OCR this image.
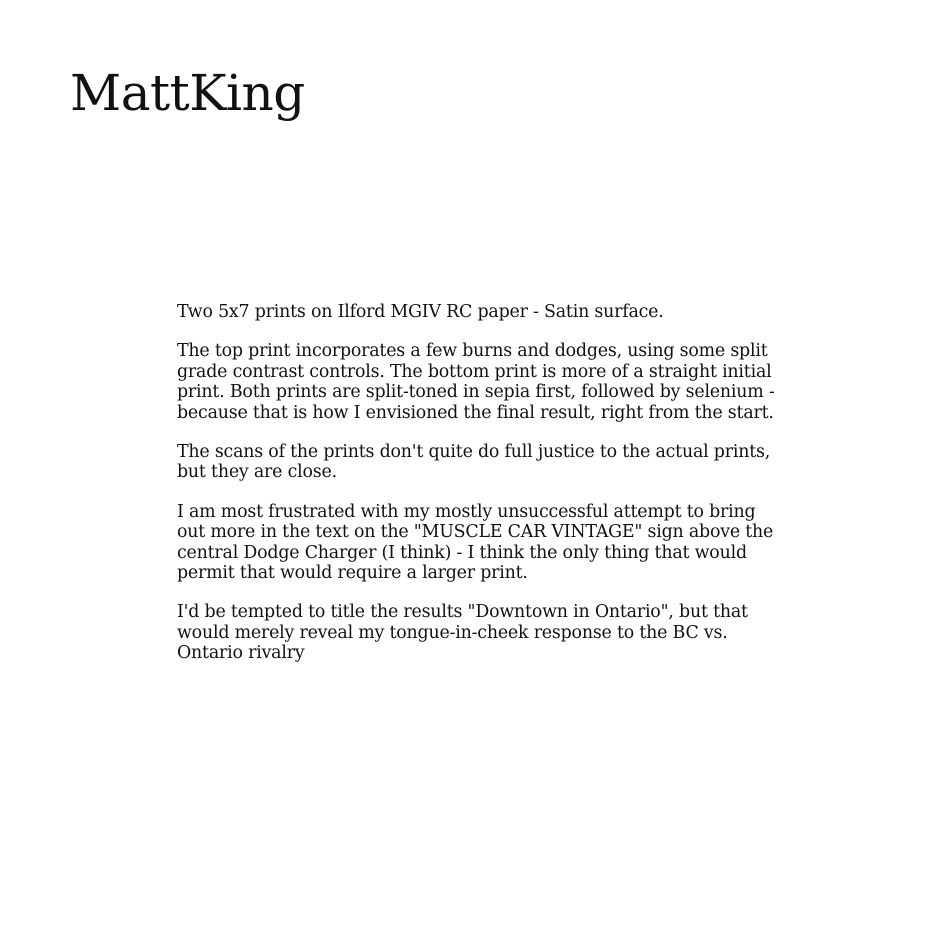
MattKing

Two 5x7 prints on Ilford MGIV RC paper - Satin surface.

The top print incorporates a few burns and dodges, using some split grade contrast controls. The bottom print is more of a straight initial print. Both prints are split-toned in sepia first, followed by selenium - because that is how I envisioned the final result, right from the start.

The scans of the prints don't quite do full justice to the actual prints, but they are close.

I am most frustrated with my mostly unsuccessful attempt to bring out more in the text on the "MUSCLE CAR VINTAGE" sign above the central Dodge Charger (I think) - I think the only thing that would permit that would require a larger print.

I'd be tempted to title the results "Downtown in Ontario", but that would merely reveal my tongue-in-cheek response to the BC vs. Ontario rivalry
